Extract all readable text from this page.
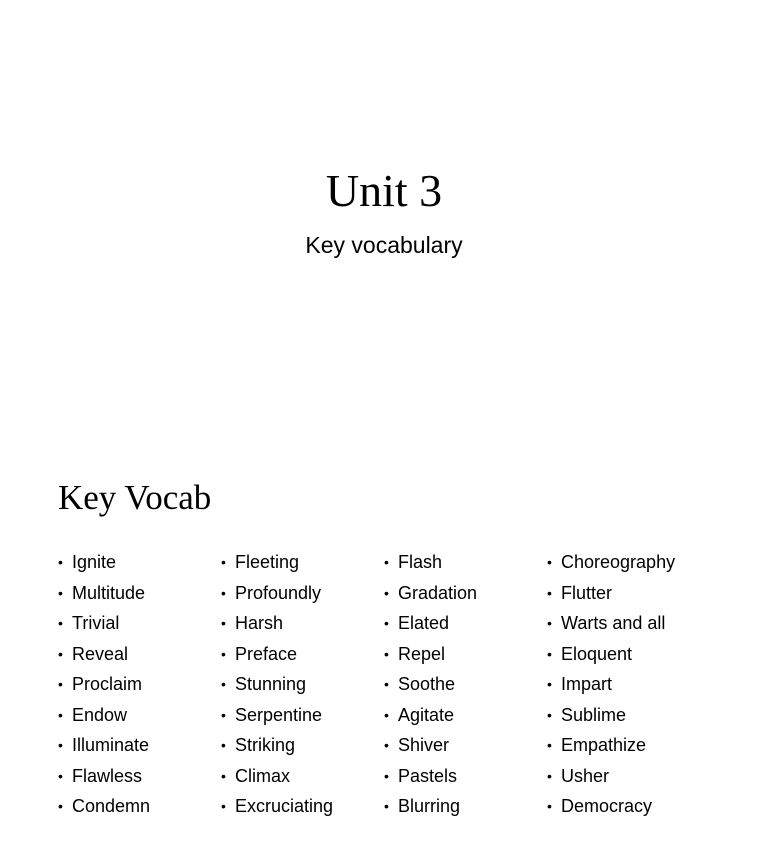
Unit 3

Key vocabulary

Key Vocab
• Ignite
• Multitude
• Trivial
• Reveal
• Proclaim
• Endow
• Illuminate
• Flawless
• Condemn
• Fleeting
• Profoundly
• Harsh
• Preface
• Stunning
• Serpentine
• Striking
• Climax
• Excruciating
• Flash
• Gradation
• Elated
• Repel
• Soothe
• Agitate
• Shiver
• Pastels
• Blurring
• Choreography
• Flutter
• Warts and all
• Eloquent
• Impart
• Sublime
• Empathize
• Usher
• Democracy
